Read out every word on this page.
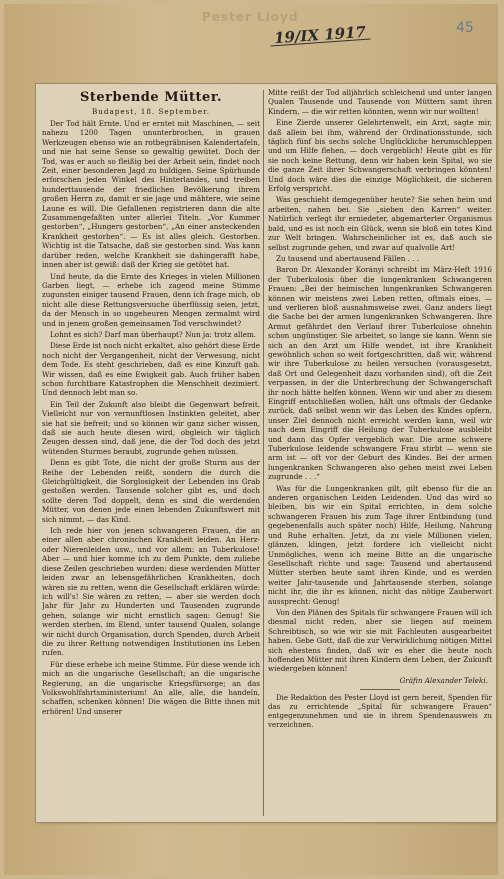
Pester Lloyd
19/IX 1917	45
Sterbende Mütter.
Budapest, 18. September.

Der Tod hält Ernte. Und er erntet mit Maschinen, — seit nahezu 1200 Tagen ununterbrochen, in grauen Werkzeugen ebenso wie an rotbegräbnisen Kalendertafeln, und nie hat seine Sense so gewaltig gewütet. Doch der Tod, was er auch so fleißig bei der Arbeit sein, findet noch Zeit, einer besonderen Jagd zu huldigen. Seine Spürhunde erforschen jeden Winkel des Hinterlandes, und treiben hunderttausende der friedlichen Bevölkerung ihrem großen Herrn zu, damit er sie jage und mähtere, wie seine Laune es will. Die Gefallenen registrieren dann die alte Zusammengefaßten unter allerlei Titeln. „Vor Kummer gestorben“, „Hungers gestorben“, „An einer ansteckenden Krankheit gestorben“. — Es ist alles gleich. Gestorben. Wichtig ist die Tatsache, daß sie gestorben sind. Was kann darüber reden, welche Krankheit sie dahingerafft habe, innen aber ist gewiß: daß der Krieg sie getötet hat.

Und heute, da die Ernte des Krieges in vielen Millionen Garben liegt, — erhebe ich zagend meine Stimme zugunsten einiger tausend Frauen, denn ich frage mich, ob nicht alle diese Rettungsversuche überflüssig seien, jetzt, da der Mensch in so ungeheuren Mengen zermalmt wird und in jenem großen gemeinsamen Tod verschwindet?

Lohnt es sich? Darf man überhaupt? Nun ja: trotz allem.

Diese Erde ist noch nicht erkaltet, also gehört diese Erde noch nicht der Vergangenheit, nicht der Verwesung, nicht dem Tode. Es steht geschrieben, daß es eine Kinzuft gab. Wir wissen, daß es eine Ewigkeit gab. Auch früher haben schon furchtbare Katastrophen die Menschheit dezimiert. Und dennoch lebt man so.

Ein Teil der Zukunft also bleibt die Gegenwart befreit. Vielleicht nur von vernunftlosen Instinkten geleitet, aber sie hat sie befreit; und so können wir ganz sicher wissen, daß sie auch heute diesen wird, obgleich wir täglich Zeugen dessen sind, daß jene, die der Tod doch des jetzt wütenden Sturmes beraubt, zugrunde gehen müssen.

Denn es gibt Tote, die nicht der große Sturm aus der Reihe der Lebenden reißt, sondern die durch die Gleichgültigkeit, die Sorglosigkeit der Lebenden ins Grab gestoßen werden. Tausende solcher gibt es, und doch sollte deren Tod doppelt, denn es sind die werdenden Mütter, von denen jede einen lebenden Zukunftswert mit sich nimmt. — das Kind.

Ich rede hier von jenen schwangeren Frauen, die an einer allen aber chronischen Krankheit leiden. An Herz- oder Nierenleiden usw., und vor allem: an Tuberkulose! Aber — und hier komme ich zu dem Punkte, dem zuliebe diese Zeilen geschrieben wurden: diese werdenden Mütter leiden zwar an lebensgefährlichen Krankheiten, doch wären sie zu retten, wenn die Gesellschaft erklären würde: ich will's! Sie wären zu retten, — aber sie werden doch Jahr für Jahr zu Hunderten und Tausenden zugrunde gehen, solange wir nicht ernstlich sagen: Genug! Sie werden sterben, im Elend, unter tausend Qualen, solange wir nicht durch Organisation, durch Spenden, durch Arbeit die zu ihrer Rettung notwendigen Institutionen ins Leben rufen.

Für diese erhebe ich meine Stimme. Für diese wende ich mich an die ungarische Gesellschaft; an die ungarische Regierung, an die ungarische Kriegsfürsorge; an das Volkswohlfahrtsministerium! An alle, alle, die handeln, schaffen, schenken können! Die wägen die Bitte ihnen mit erhören! Und unserer

Mitte reißt der Tod alljährlich schleichend und unter langen Qualen Tausende und Tausende von Müttern samt ihren Kindern, — die wir retten könnten, wenn wir nur wollten!

Eine Zierde unserer Gelehrtenwelt, ein Arzt, sagte mir, daß allein bei ihm, während der Ordinationsstunde, sich täglich fünf bis sechs solche Unglückliche herumschleppen und um Hilfe flehen, — doch vergeblich! Heute gibt es für sie noch keine Rettung, denn wir haben kein Spital, wo sie die ganze Zeit ihrer Schwangerschaft verbringen könnten! Und doch wäre dies die einzige Möglichkeit, die sicheren Erfolg verspricht.

Was geschieht demgegenüber heute? Sie sehen heim und arbeiten, nahen bei. Sie „sieben den Karren“ weiter. Natürlich verlegt ihr erniedeter, abgemarterter Organismus bald, und es ist noch ein Glück, wenn sie bloß ein totes Kind zur Welt bringen. Wahrscheinlicher ist es, daß auch sie selbst zugrunde gehen, und zwar auf qualvolle Art!

Zu tausend und abertausend Fällen . . .

Baron Dr. Alexander Korányi schreibt im März-Heft 1916 der Tuberkulosis über die lungenkranken Schwangeren Frauen: „Bei der heimischen lungenkranken Schwangeren können wir meistens zwei Leben retten, oftmals eines, — und verlieren bloß ausnahmsweise zwei. Ganz anders liegt die Sache bei der armen lungenkranken Schwangeren. Ihre Armut gefährdet den Verlauf ihrer Tuberkulose ohnehin schon ungünstiger. Sie arbeitet, so lange sie kann. Wenn sie sich an den Arzt um Hilfe wendet, ist ihre Krankheit gewöhnlich schon so weit fortgeschritten, daß wir, während wir ihre Tuberkulose zu heilen versuchen (vorausgesetzt, daß Ort und Gelegenheit dazu vorhanden sind), oft die Zeit verpassen, in der die Unterbrechung der Schwangerschaft ihr noch hätte helfen können. Wenn wir und aber zu diesem Eingriff entschließen wollen, hält uns oftmals der Gedanke zurück, daß selbst wenn wir das Leben des Kindes opfern, unser Ziel dennoch nicht erreicht werden kann, weil wir nach dem Eingriff die Heilung der Tuberkulose ausbleibt und dann das Opfer vergeblich war. Die arme schwere Tuberkulose leidende schwangere Frau stirbt — wenn sie arm ist — oft vor der Geburt des Kindes. Bei der armen lungenkranken Schwangeren also gehen meist zwei Leben zugrunde . . .“

Was für die Lungenkranken gilt, gilt ebenso für die an anderen organischen Leiden Leidenden. Und das wird so bleiben, bis wir ein Spital errichten, in dem solche schwangeren Frauen bis zum Tage ihrer Entbindung (und gegebenenfalls auch später noch) Hilfe, Heilung, Nahrung und Ruhe erhalten. Jetzt, da zu viele Millionen vielen, glänzen, klingen, jetzt fordere ich vielleicht nicht Unmögliches, wenn ich meine Bitte an die ungarische Gesellschaft richte und sage: Tausend und abertausend Mütter sterben heute samt ihren Kinde, und es werden weiter Jahr-tausende und Jahrtausende sterben, solange nicht ihr, die ihr es können, nicht das nötige Zauberwort aussprecht: Genug!

Von den Plänen des Spitals für schwangere Frauen will ich diesmal nicht reden, aber sie liegen auf meinem Schreibtisch, so wie wir sie mit Fachleuten ausgearbeitet haben. Gebe Gott, daß die zur Verwirklichung nötigen Mittel sich ehestens finden, daß wir es eher die heute noch hoffenden Mütter mit ihren Kindern dem Leben, der Zukunft wiedergeben können!

Gräfin Alexander Teleki.

Die Redaktion des Pester Lloyd ist gern bereit, Spenden für das zu errichtende „Spital für schwangere Frauen“ entgegenzunehmen und sie in ihrem Spendenausweis zu verzeichnen.
